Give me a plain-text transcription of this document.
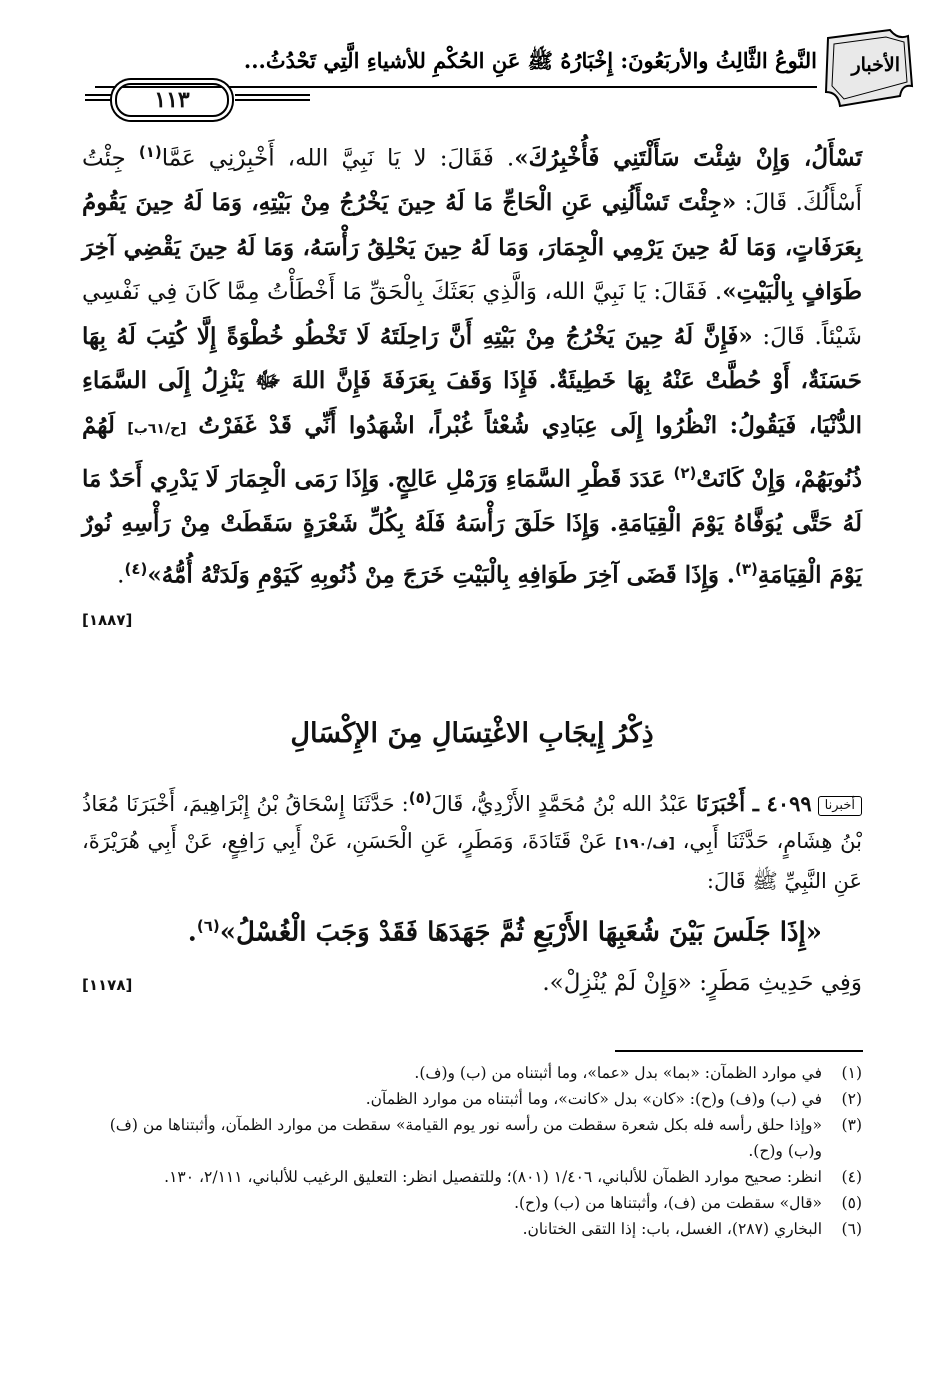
الأخبار
النَّوعُ الثَّالِثُ والأربَعُونَ: إِخْبَارُهُ ﷺ عَنِ الحُكْمِ للأشياءِ الَّتِي تَحْدُثُ...
١١٣
تَسْأَلُ، وَإِنْ شِئْتَ سَأَلْتَنِي فَأُخْبِرُكَ». فَقَالَ: لا يَا نَبِيَّ الله، أَخْبِرْنِي عَمَّا$^{(١)}$ جِئْتُ أَسْأَلُكَ. قَالَ: «جِئْتَ تَسْأَلُنِي عَنِ الْحَاجِّ مَا لَهُ حِينَ يَخْرُجُ مِنْ بَيْتِهِ، وَمَا لَهُ حِينَ يَقُومُ بِعَرَفَاتٍ، وَمَا لَهُ حِينَ يَرْمِي الْجِمَارَ، وَمَا لَهُ حِينَ يَحْلِقُ رَأْسَهُ، وَمَا لَهُ حِينَ يَقْضِي آخِرَ طَوَافٍ بِالْبَيْتِ». فَقَالَ: يَا نَبِيَّ الله، وَالَّذِي بَعَثَكَ بِالْحَقِّ مَا أَخْطَأْتُ مِمَّا كَانَ فِي نَفْسِي شَيْئاً. قَالَ: «فَإِنَّ لَهُ حِينَ يَخْرُجُ مِنْ بَيْتِهِ أَنَّ رَاحِلَتَهُ لَا تَخْطُو خُطْوَةً إِلَّا كُتِبَ لَهُ بِهَا حَسَنَةٌ، أَوْ حُطَّتْ عَنْهُ بِهَا خَطِيئَةٌ. فَإِذَا وَقَفَ بِعَرَفَةَ فَإِنَّ اللهَ ﷻ يَنْزِلُ إِلَى السَّمَاءِ الدُّنْيَا، فَيَقُولُ: انْظُرُوا إِلَى عِبَادِي شُعْثاً غُبْراً، اشْهَدُوا أَنِّي قَدْ غَفَرْتُ [ح/٦١ب] لَهُمْ ذُنُوبَهُمْ، وَإِنْ كَانَتْ$^{(٢)}$ عَدَدَ قَطْرِ السَّمَاءِ وَرَمْلِ عَالِجٍ. وَإِذَا رَمَى الْجِمَارَ لَا يَدْرِي أَحَدٌ مَا لَهُ حَتَّى يُوَفَّاهُ يَوْمَ الْقِيَامَةِ. وَإِذَا حَلَقَ رَأْسَهُ فَلَهُ بِكُلِّ شَعْرَةٍ سَقَطَتْ مِنْ رَأْسِهِ نُورٌ يَوْمَ الْقِيَامَةِ$^{(٣)}$. وَإِذَا قَضَى آخِرَ طَوَافِهِ بِالْبَيْتِ خَرَجَ مِنْ ذُنُوبِهِ كَيَوْمِ وَلَدَتْهُ أُمُّهُ»$^{(٤)}$.
[١٨٨٧]
ذِكْرُ إِيجَابِ الاغْتِسَالِ مِنَ الإِكْسَالِ
أخبرنا٤٠٩٩ ـ أَخْبَرَنَا عَبْدُ الله بْنُ مُحَمَّدٍ الأَزْدِيُّ، قَالَ$^{(٥)}$: حَدَّثَنَا إِسْحَاقُ بْنُ إِبْرَاهِيمَ، أَخْبَرَنَا مُعَاذُ بْنُ هِشَامٍ، حَدَّثَنَا أَبِي، [ف/١٩٠] عَنْ قَتَادَةَ، وَمَطَرٍ، عَنِ الْحَسَنِ، عَنْ أَبِي رَافِعٍ، عَنْ أَبِي هُرَيْرَةَ، عَنِ النَّبِيِّ ﷺ قَالَ:
«إِذَا جَلَسَ بَيْنَ شُعَبِهَا الأَرْبَعِ ثُمَّ جَهَدَهَا فَقَدْ وَجَبَ الْغُسْلُ»$^{(٦)}$.
وَفِي حَدِيثِ مَطَرٍ: «وَإِنْ لَمْ يُنْزِلْ».
[١١٧٨]
(١)
في موارد الظمآن: «بما» بدل «عما»، وما أثبتناه من (ب) و(ف).
(٢)
في (ب) و(ف) و(ح): «كان» بدل «كانت»، وما أثبتناه من موارد الظمآن.
(٣)
«وإذا حلق رأسه فله بكل شعرة سقطت من رأسه نور يوم القيامة» سقطت من موارد الظمآن، وأثبتناها من (ف) و(ب) و(ح).
(٤)
انظر: صحيح موارد الظمآن للألباني، ١/٤٠٦ (٨٠١)؛ وللتفصيل انظر: التعليق الرغيب للألباني، ٢/١١١، ١٣٠.
(٥)
«قال» سقطت من (ف)، وأثبتناها من (ب) و(ح).
(٦)
البخاري (٢٨٧)، الغسل، باب: إذا التقى الختانان.
